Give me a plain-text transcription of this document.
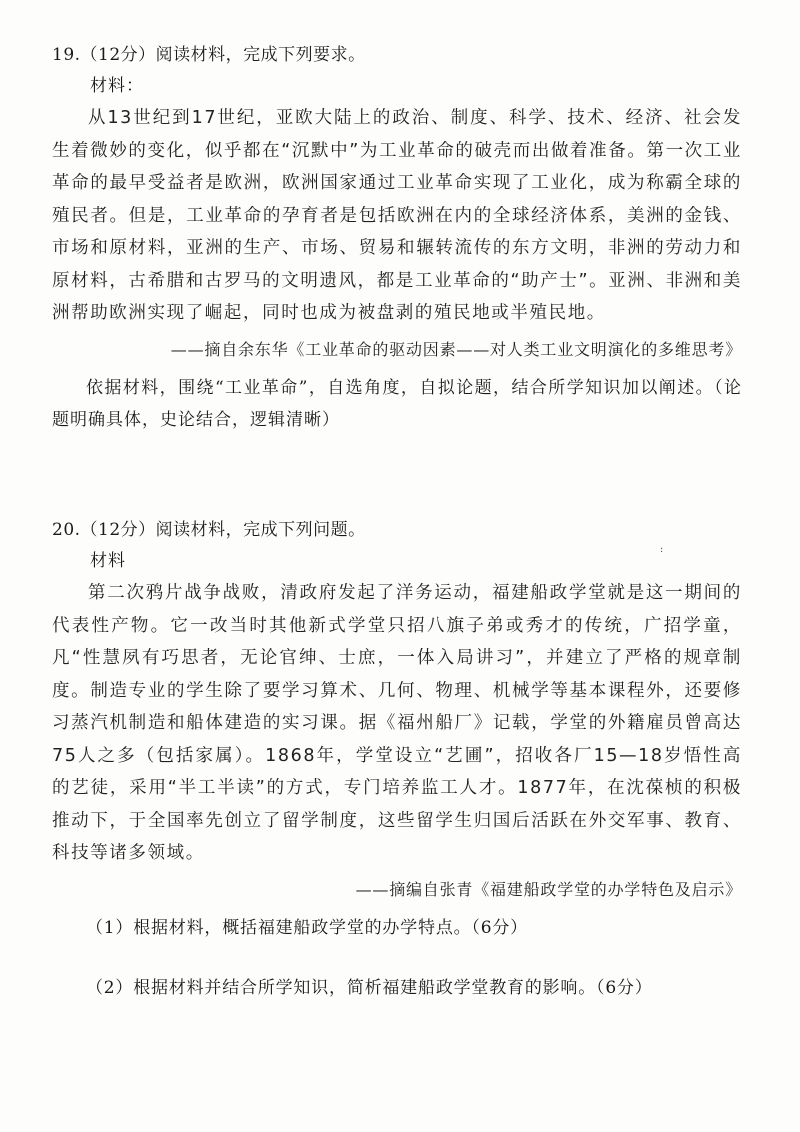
19.（12分）阅读材料，完成下列要求。
材料：

从13世纪到17世纪，亚欧大陆上的政治、制度、科学、技术、经济、社会发生着微妙的变化，似乎都在“沉默中”为工业革命的破壳而出做着准备。第一次工业革命的最早受益者是欧洲，欧洲国家通过工业革命实现了工业化，成为称霸全球的殖民者。但是，工业革命的孕育者是包括欧洲在内的全球经济体系，美洲的金钱、市场和原材料，亚洲的生产、市场、贸易和辗转流传的东方文明，非洲的劳动力和原材料，古希腊和古罗马的文明遗风，都是工业革命的“助产士”。亚洲、非洲和美洲帮助欧洲实现了崛起，同时也成为被盘剥的殖民地或半殖民地。

——摘自余东华《工业革命的驱动因素——对人类工业文明演化的多维思考》

依据材料，围绕“工业革命”，自选角度，自拟论题，结合所学知识加以阐述。（论题明确具体，史论结合，逻辑清晰）

· ·
20.（12分）阅读材料，完成下列问题。
材料

第二次鸦片战争战败，清政府发起了洋务运动，福建船政学堂就是这一期间的代表性产物。它一改当时其他新式学堂只招八旗子弟或秀才的传统，广招学童，凡“性慧夙有巧思者，无论官绅、士庶，一体入局讲习”，并建立了严格的规章制度。制造专业的学生除了要学习算术、几何、物理、机械学等基本课程外，还要修习蒸汽机制造和船体建造的实习课。据《福州船厂》记载，学堂的外籍雇员曾高达75人之多（包括家属）。1868年，学堂设立“艺圃”，招收各厂15—18岁悟性高的艺徒，采用“半工半读”的方式，专门培养监工人才。1877年，在沈葆桢的积极推动下，于全国率先创立了留学制度，这些留学生归国后活跃在外交军事、教育、科技等诸多领域。

——摘编自张青《福建船政学堂的办学特色及启示》
（1）根据材料，概括福建船政学堂的办学特点。（6分）
（2）根据材料并结合所学知识，简析福建船政学堂教育的影响。（6分）
